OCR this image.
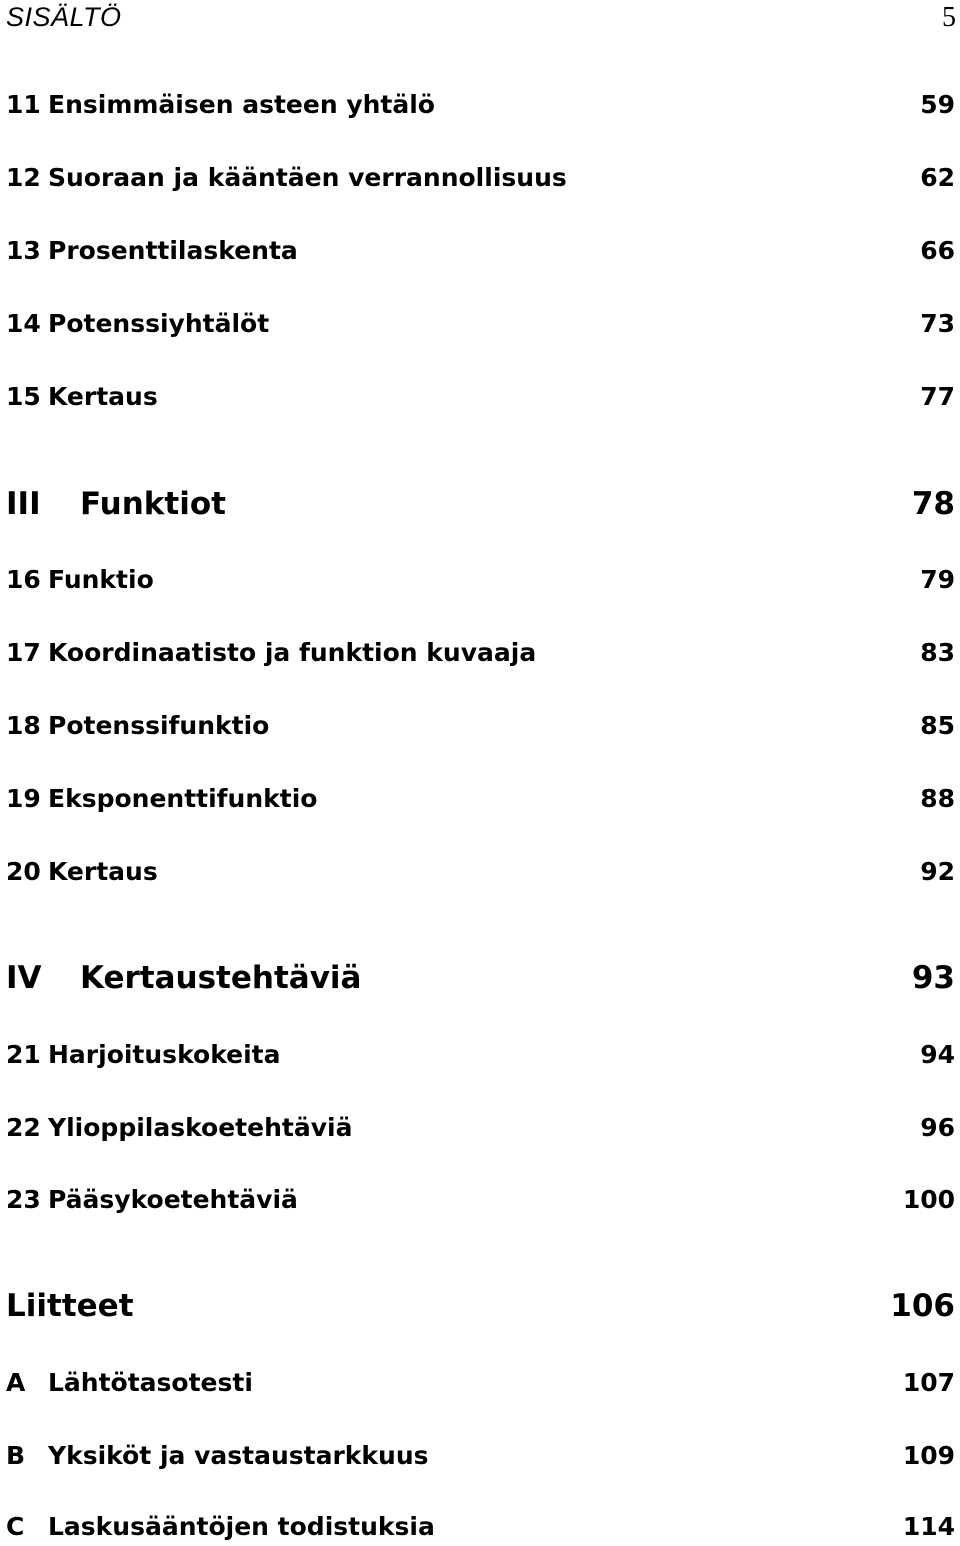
SISÄLTÖ	5
11 Ensimmäisen asteen yhtälö	59
12 Suoraan ja kääntäen verrannollisuus	62
13 Prosenttilaskenta	66
14 Potenssiyhtälöt	73
15 Kertaus	77
III	Funktiot	78
16 Funktio	79
17 Koordinaatisto ja funktion kuvaaja	83
18 Potenssifunktio	85
19 Eksponenttifunktio	88
20 Kertaus	92
IV	Kertaustehtäviä	93
21 Harjoituskokeita	94
22 Ylioppilaskoetehtäviä	96
23 Pääsykoetehtäviä	100
Liitteet	106
A Lähtötasotesti	107
B Yksiköt ja vastaustarkkuus	109
C Laskusääntöjen todistuksia	114
